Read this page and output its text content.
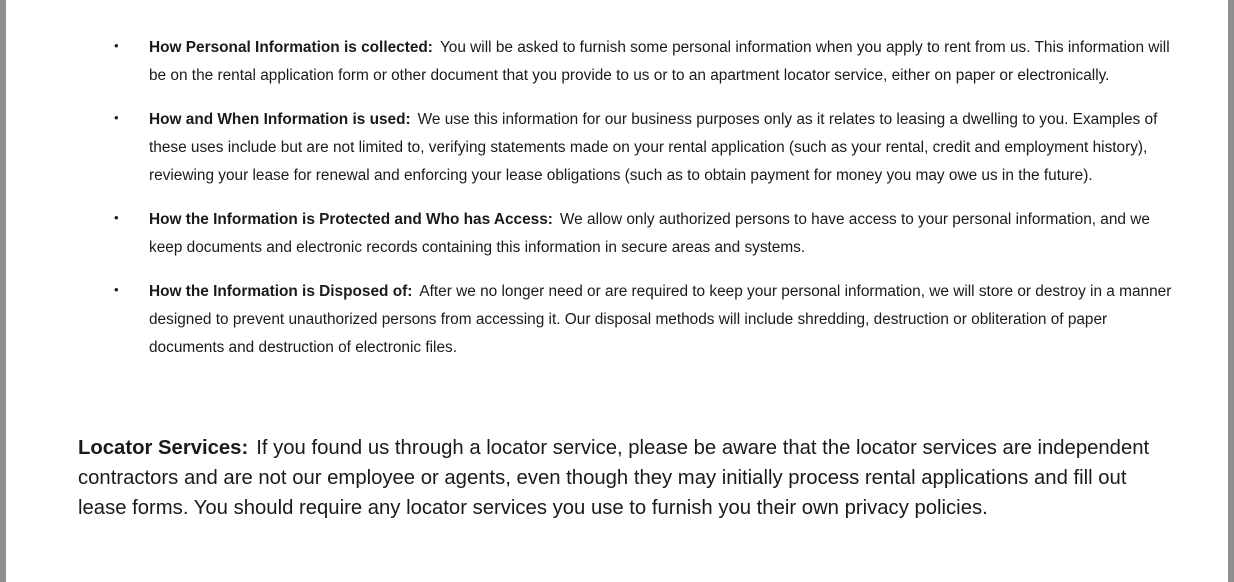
•	How Personal Information is collected: You will be asked to furnish some personal information when you apply to rent from us. This information will be on the rental application form or other document that you provide to us or to an apartment locator service, either on paper or electronically.
•	How and When Information is used: We use this information for our business purposes only as it relates to leasing a dwelling to you. Examples of these uses include but are not limited to, verifying statements made on your rental application (such as your rental, credit and employment history), reviewing your lease for renewal and enforcing your lease obligations (such as to obtain payment for money you may owe us in the future).
•	How the Information is Protected and Who has Access: We allow only authorized persons to have access to your personal information, and we keep documents and electronic records containing this information in secure areas and systems.
•	How the Information is Disposed of: After we no longer need or are required to keep your personal information, we will store or destroy in a manner designed to prevent unauthorized persons from accessing it. Our disposal methods will include shredding, destruction or obliteration of paper documents and destruction of electronic files.

Locator Services: If you found us through a locator service, please be aware that the locator services are independent contractors and are not our employee or agents, even though they may initially process rental applications and fill out lease forms. You should require any locator services you use to furnish you their own privacy policies.
